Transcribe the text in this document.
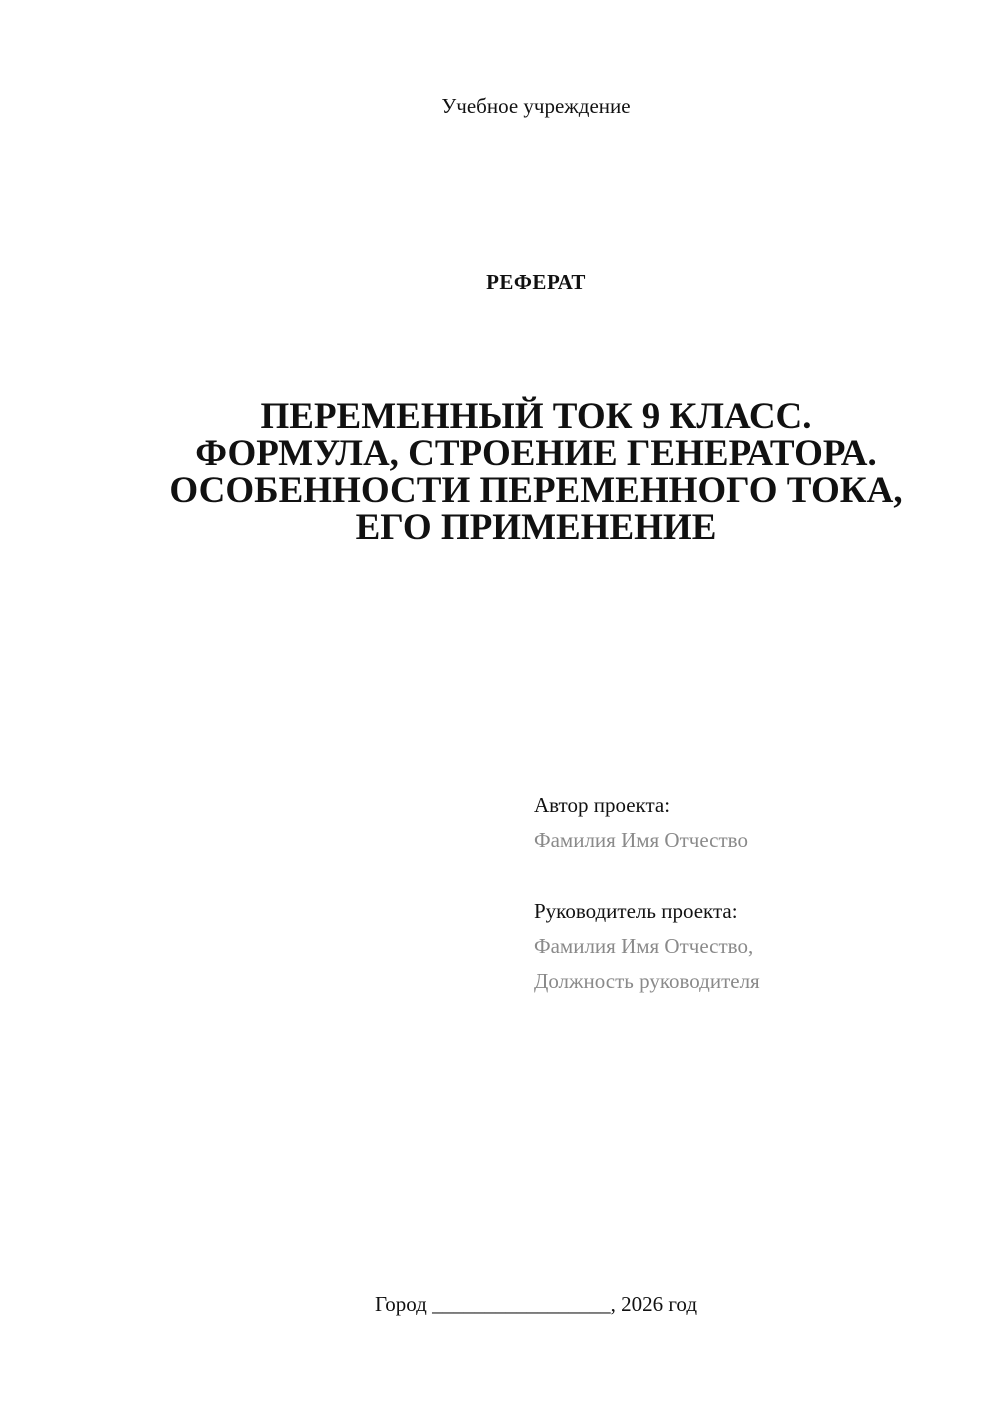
Учебное учреждение
РЕФЕРАТ
ПЕРЕМЕННЫЙ ТОК 9 КЛАСС.
ФОРМУЛА, СТРОЕНИЕ ГЕНЕРАТОРА.
ОСОБЕННОСТИ ПЕРЕМЕННОГО ТОКА,
ЕГО ПРИМЕНЕНИЕ
Автор проекта:
Фамилия Имя Отчество
Руководитель проекта:
Фамилия Имя Отчество,
Должность руководителя
Город _________________, 2026 год
